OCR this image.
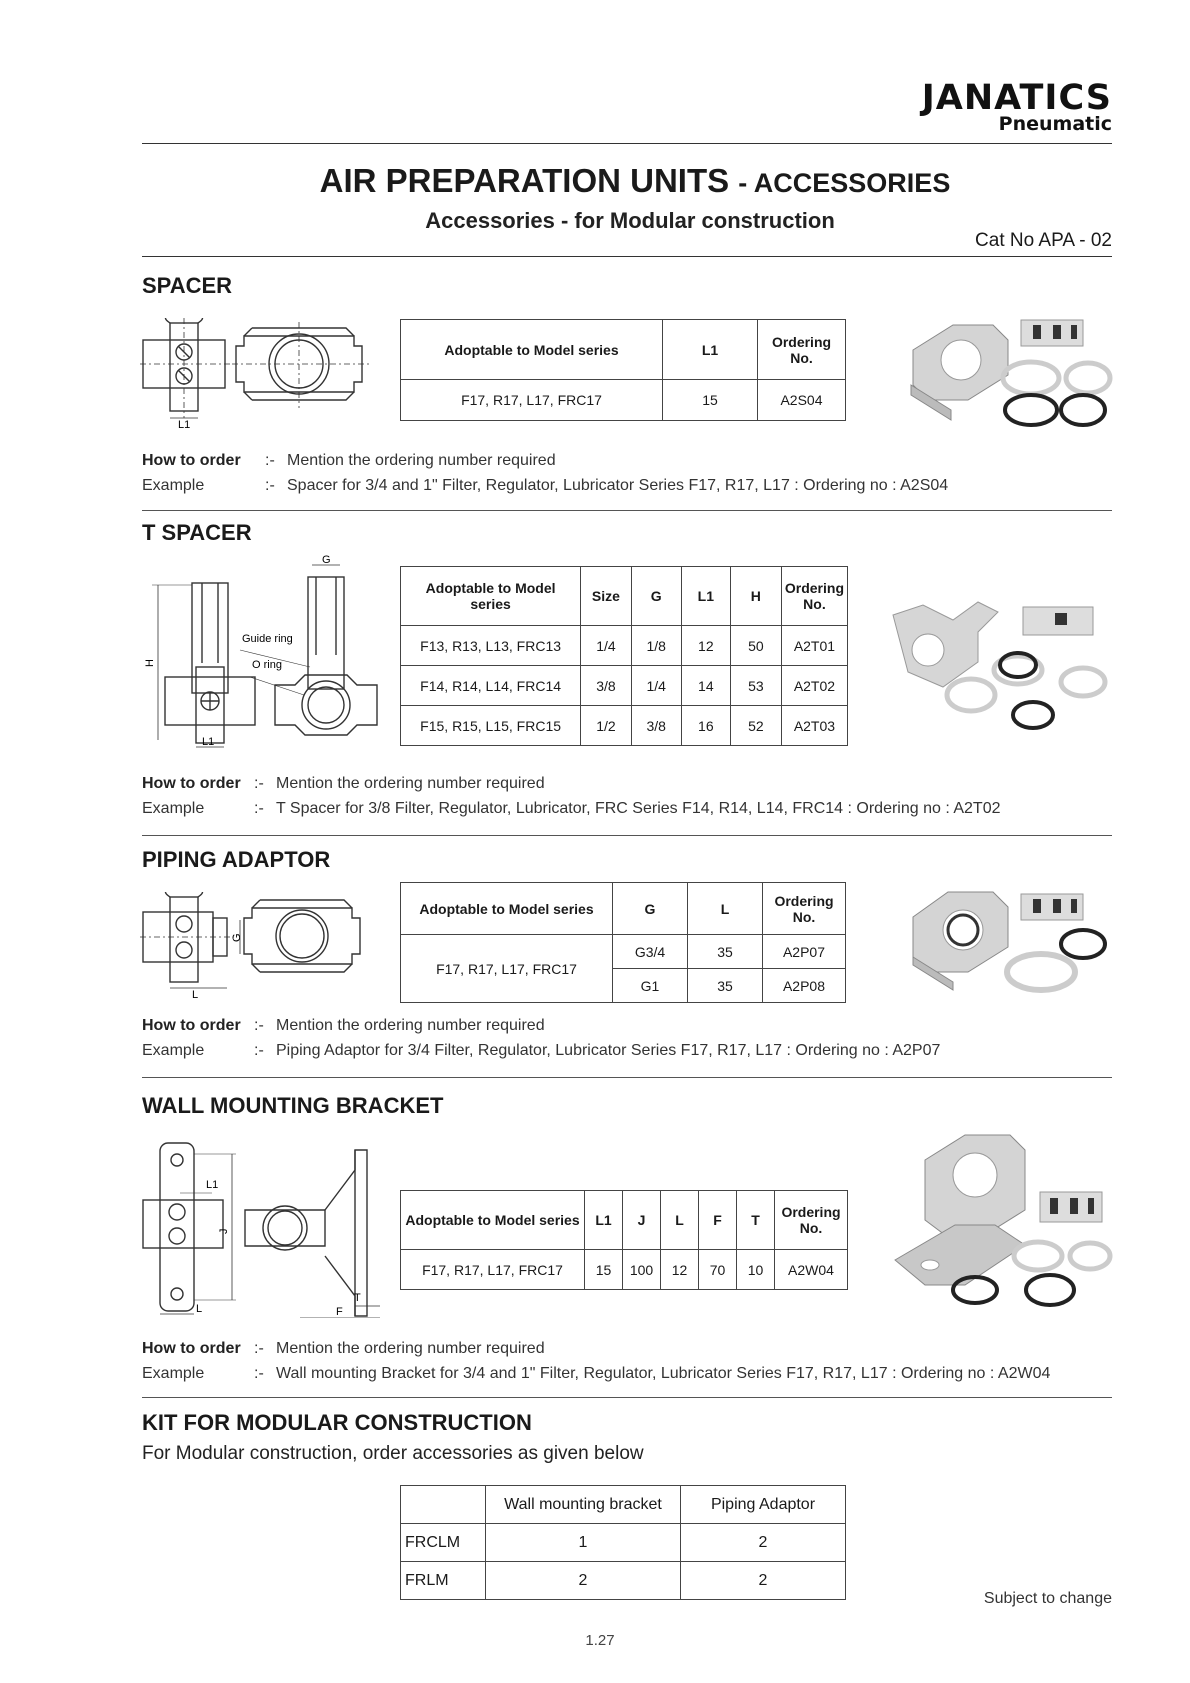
JANATICS
Pneumatic
AIR PREPARATION UNITS - ACCESSORIES
Accessories - for Modular construction
Cat No APA - 02
SPACER
L1
Adoptable to Model series	L1	Ordering No.
F17, R17, L17, FRC17	15	A2S04
How to order :- Mention the ordering number required
Example	:- Spacer for 3/4 and 1" Filter, Regulator, Lubricator Series F17, R17, L17 : Ordering no : A2S04
T SPACER
H
G
L1
Guide ring
O ring
Adoptable to Model series	Size	G	L1	H	Ordering No.
F13, R13, L13, FRC13	1/4	1/8	12	50	A2T01
F14, R14, L14, FRC14	3/8	1/4	14	53	A2T02
F15, R15, L15, FRC15	1/2	3/8	16	52	A2T03
How to order :- Mention the ordering number required
Example	:- T Spacer for 3/8 Filter, Regulator, Lubricator, FRC Series F14, R14, L14, FRC14 : Ordering no : A2T02
PIPING ADAPTOR
G
L
Adoptable to Model series	G	L	Ordering No.
F17, R17, L17, FRC17	G3/4	35	A2P07
	G1	35	A2P08
How to order :- Mention the ordering number required
Example	:- Piping Adaptor for 3/4 Filter, Regulator, Lubricator Series F17, R17, L17 : Ordering no : A2P07
WALL MOUNTING BRACKET
L1
J
L
T
F
Adoptable to Model series	L1	J	L	F	T	Ordering No.
F17, R17, L17, FRC17	15	100	12	70	10	A2W04
How to order :- Mention the ordering number required
Example	:- Wall mounting Bracket for 3/4 and 1" Filter, Regulator, Lubricator Series F17, R17, L17 : Ordering no : A2W04
KIT FOR MODULAR CONSTRUCTION
For Modular construction, order accessories as given below
	Wall mounting bracket	Piping Adaptor
FRCLM	1	2
FRLM	2	2
Subject to change
1.27
